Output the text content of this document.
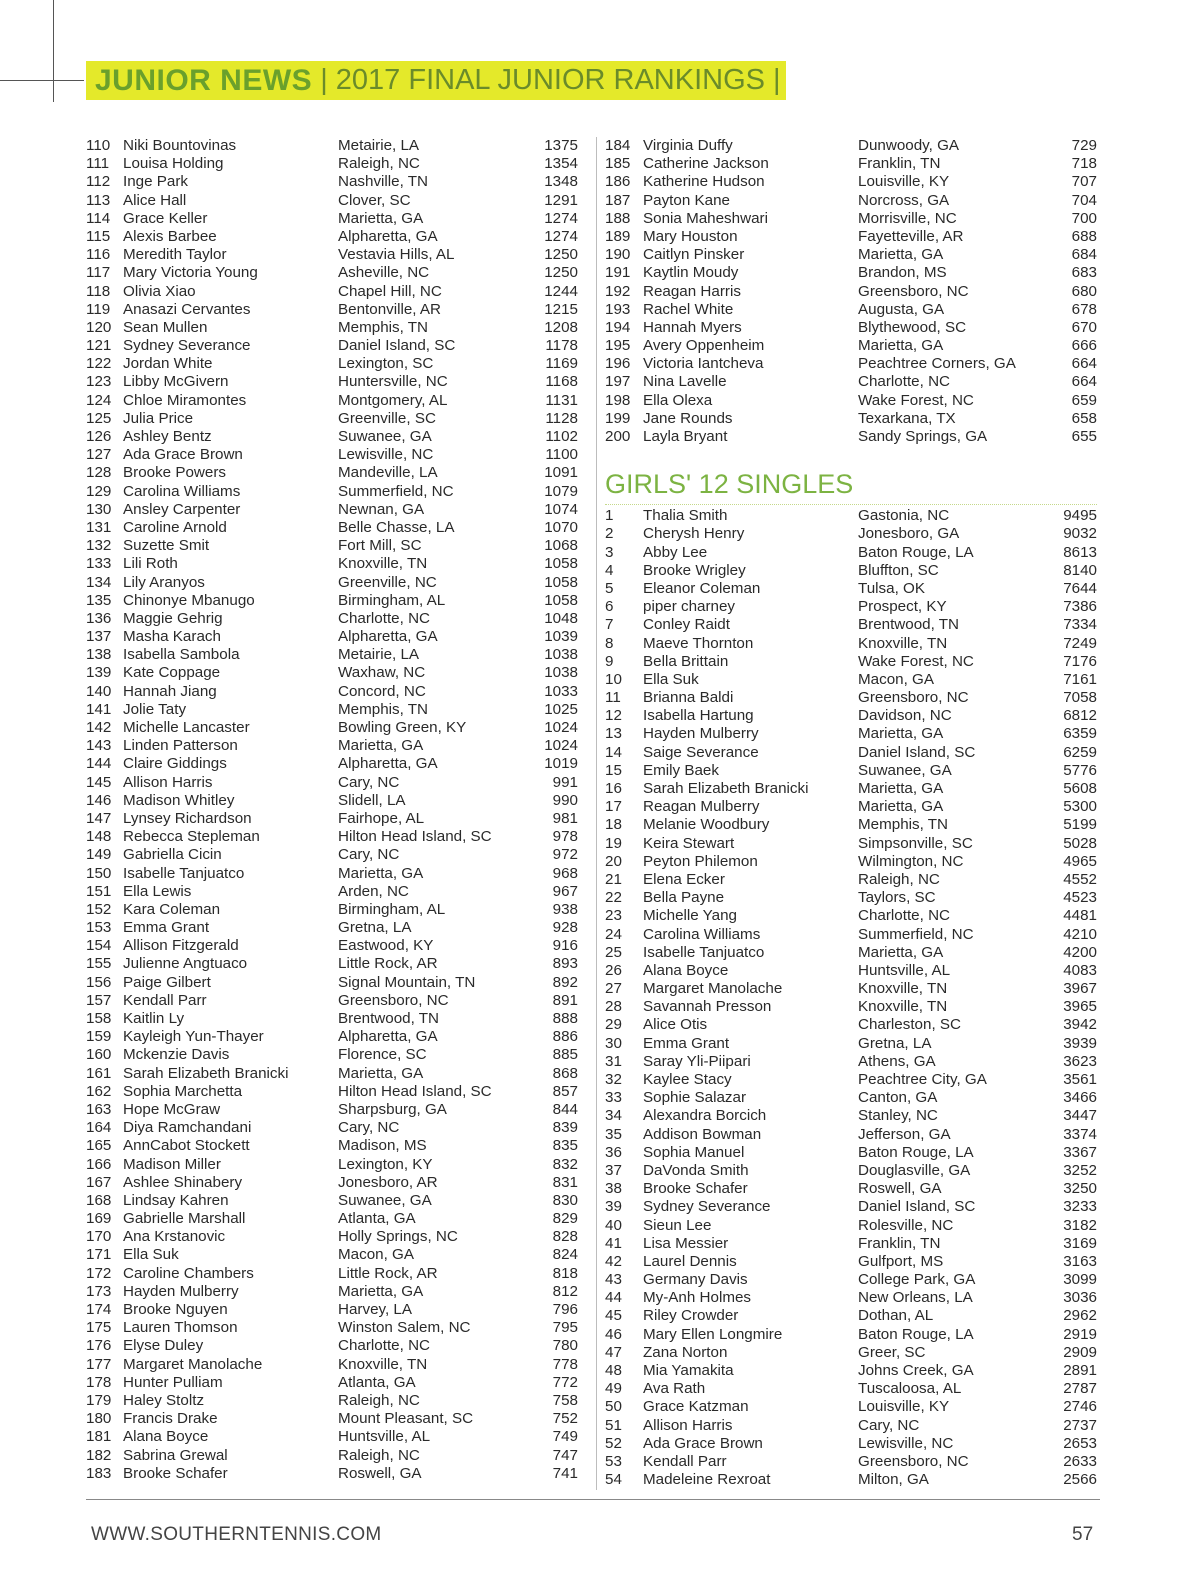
JUNIOR NEWS | 2017 FINAL JUNIOR RANKINGS |
110 Niki Bountovinas	Metairie, LA	1375
111 Louisa Holding	Raleigh, NC	1354
112 Inge Park	Nashville, TN	1348
113 Alice Hall	Clover, SC	1291
114 Grace Keller	Marietta, GA	1274
115 Alexis Barbee	Alpharetta, GA	1274
116 Meredith Taylor	Vestavia Hills, AL	1250
117 Mary Victoria Young	Asheville, NC	1250
118 Olivia Xiao	Chapel Hill, NC	1244
119 Anasazi Cervantes	Bentonville, AR	1215
120 Sean Mullen	Memphis, TN	1208
121 Sydney Severance	Daniel Island, SC	1178
122 Jordan White	Lexington, SC	1169
123 Libby McGivern	Huntersville, NC	1168
124 Chloe Miramontes	Montgomery, AL	1131
125 Julia Price	Greenville, SC	1128
126 Ashley Bentz	Suwanee, GA	1102
127 Ada Grace Brown	Lewisville, NC	1100
128 Brooke Powers	Mandeville, LA	1091
129 Carolina Williams	Summerfield, NC	1079
130 Ansley Carpenter	Newnan, GA	1074
131 Caroline Arnold	Belle Chasse, LA	1070
132 Suzette Smit	Fort Mill, SC	1068
133 Lili Roth	Knoxville, TN	1058
134 Lily Aranyos	Greenville, NC	1058
135 Chinonye Mbanugo	Birmingham, AL	1058
136 Maggie Gehrig	Charlotte, NC	1048
137 Masha Karach	Alpharetta, GA	1039
138 Isabella Sambola	Metairie, LA	1038
139 Kate Coppage	Waxhaw, NC	1038
140 Hannah Jiang	Concord, NC	1033
141 Jolie Taty	Memphis, TN	1025
142 Michelle Lancaster	Bowling Green, KY	1024
143 Linden Patterson	Marietta, GA	1024
144 Claire Giddings	Alpharetta, GA	1019
145 Allison Harris	Cary, NC	991
146 Madison Whitley	Slidell, LA	990
147 Lynsey Richardson	Fairhope, AL	981
148 Rebecca Stepleman	Hilton Head Island, SC	978
149 Gabriella Cicin	Cary, NC	972
150 Isabelle Tanjuatco	Marietta, GA	968
151 Ella Lewis	Arden, NC	967
152 Kara Coleman	Birmingham, AL	938
153 Emma Grant	Gretna, LA	928
154 Allison Fitzgerald	Eastwood, KY	916
155 Julienne Angtuaco	Little Rock, AR	893
156 Paige Gilbert	Signal Mountain, TN	892
157 Kendall Parr	Greensboro, NC	891
158 Kaitlin Ly	Brentwood, TN	888
159 Kayleigh Yun-Thayer	Alpharetta, GA	886
160 Mckenzie Davis	Florence, SC	885
161 Sarah Elizabeth Branicki	Marietta, GA	868
162 Sophia Marchetta	Hilton Head Island, SC	857
163 Hope McGraw	Sharpsburg, GA	844
164 Diya Ramchandani	Cary, NC	839
165 AnnCabot Stockett	Madison, MS	835
166 Madison Miller	Lexington, KY	832
167 Ashlee Shinabery	Jonesboro, AR	831
168 Lindsay Kahren	Suwanee, GA	830
169 Gabrielle Marshall	Atlanta, GA	829
170 Ana Krstanovic	Holly Springs, NC	828
171 Ella Suk	Macon, GA	824
172 Caroline Chambers	Little Rock, AR	818
173 Hayden Mulberry	Marietta, GA	812
174 Brooke Nguyen	Harvey, LA	796
175 Lauren Thomson	Winston Salem, NC	795
176 Elyse Duley	Charlotte, NC	780
177 Margaret Manolache	Knoxville, TN	778
178 Hunter Pulliam	Atlanta, GA	772
179 Haley Stoltz	Raleigh, NC	758
180 Francis Drake	Mount Pleasant, SC	752
181 Alana Boyce	Huntsville, AL	749
182 Sabrina Grewal	Raleigh, NC	747
183 Brooke Schafer	Roswell, GA	741
184 Virginia Duffy	Dunwoody, GA	729
185 Catherine Jackson	Franklin, TN	718
186 Katherine Hudson	Louisville, KY	707
187 Payton Kane	Norcross, GA	704
188 Sonia Maheshwari	Morrisville, NC	700
189 Mary Houston	Fayetteville, AR	688
190 Caitlyn Pinsker	Marietta, GA	684
191 Kaytlin Moudy	Brandon, MS	683
192 Reagan Harris	Greensboro, NC	680
193 Rachel White	Augusta, GA	678
194 Hannah Myers	Blythewood, SC	670
195 Avery Oppenheim	Marietta, GA	666
196 Victoria Iantcheva	Peachtree Corners, GA	664
197 Nina Lavelle	Charlotte, NC	664
198 Ella Olexa	Wake Forest, NC	659
199 Jane Rounds	Texarkana, TX	658
200 Layla Bryant	Sandy Springs, GA	655
GIRLS' 12 SINGLES
1 Thalia Smith	Gastonia, NC	9495
2 Cherysh Henry	Jonesboro, GA	9032
3 Abby Lee	Baton Rouge, LA	8613
4 Brooke Wrigley	Bluffton, SC	8140
5 Eleanor Coleman	Tulsa, OK	7644
6 piper charney	Prospect, KY	7386
7 Conley Raidt	Brentwood, TN	7334
8 Maeve Thornton	Knoxville, TN	7249
9 Bella Brittain	Wake Forest, NC	7176
10 Ella Suk	Macon, GA	7161
11 Brianna Baldi	Greensboro, NC	7058
12 Isabella Hartung	Davidson, NC	6812
13 Hayden Mulberry	Marietta, GA	6359
14 Saige Severance	Daniel Island, SC	6259
15 Emily Baek	Suwanee, GA	5776
16 Sarah Elizabeth Branicki	Marietta, GA	5608
17 Reagan Mulberry	Marietta, GA	5300
18 Melanie Woodbury	Memphis, TN	5199
19 Keira Stewart	Simpsonville, SC	5028
20 Peyton Philemon	Wilmington, NC	4965
21 Elena Ecker	Raleigh, NC	4552
22 Bella Payne	Taylors, SC	4523
23 Michelle Yang	Charlotte, NC	4481
24 Carolina Williams	Summerfield, NC	4210
25 Isabelle Tanjuatco	Marietta, GA	4200
26 Alana Boyce	Huntsville, AL	4083
27 Margaret Manolache	Knoxville, TN	3967
28 Savannah Presson	Knoxville, TN	3965
29 Alice Otis	Charleston, SC	3942
30 Emma Grant	Gretna, LA	3939
31 Saray Yli-Piipari	Athens, GA	3623
32 Kaylee Stacy	Peachtree City, GA	3561
33 Sophie Salazar	Canton, GA	3466
34 Alexandra Borcich	Stanley, NC	3447
35 Addison Bowman	Jefferson, GA	3374
36 Sophia Manuel	Baton Rouge, LA	3367
37 DaVonda Smith	Douglasville, GA	3252
38 Brooke Schafer	Roswell, GA	3250
39 Sydney Severance	Daniel Island, SC	3233
40 Sieun Lee	Rolesville, NC	3182
41 Lisa Messier	Franklin, TN	3169
42 Laurel Dennis	Gulfport, MS	3163
43 Germany Davis	College Park, GA	3099
44 My-Anh Holmes	New Orleans, LA	3036
45 Riley Crowder	Dothan, AL	2962
46 Mary Ellen Longmire	Baton Rouge, LA	2919
47 Zana Norton	Greer, SC	2909
48 Mia Yamakita	Johns Creek, GA	2891
49 Ava Rath	Tuscaloosa, AL	2787
50 Grace Katzman	Louisville, KY	2746
51 Allison Harris	Cary, NC	2737
52 Ada Grace Brown	Lewisville, NC	2653
53 Kendall Parr	Greensboro, NC	2633
54 Madeleine Rexroat	Milton, GA	2566
WWW.SOUTHERNTENNIS.COM	57
